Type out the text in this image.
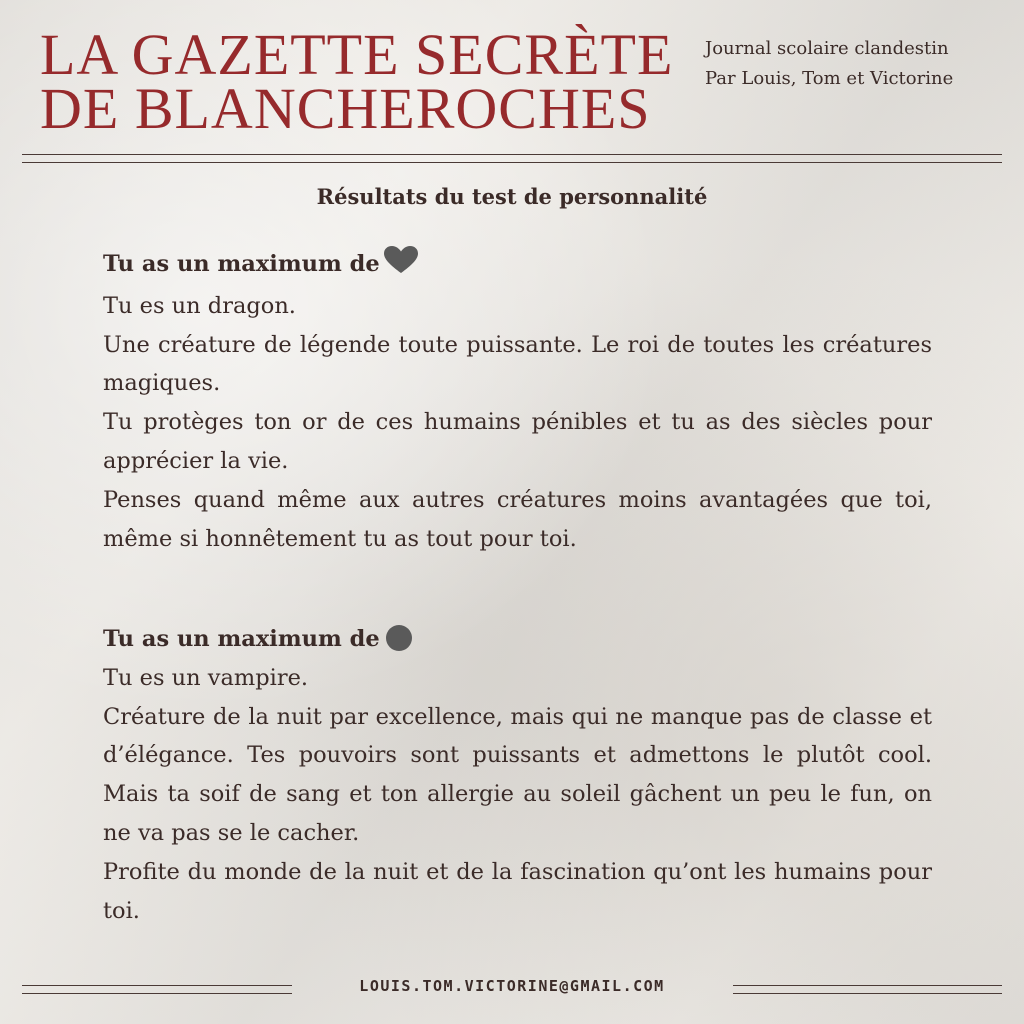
LA GAZETTE SECRÈTE
DE BLANCHEROCHES
Journal scolaire clandestin
Par Louis, Tom et Victorine
Résultats du test de personnalité
Tu as un maximum de

Tu es un dragon.

Une créature de légende toute puissante. Le roi de toutes les créatures magiques.

Tu protèges ton or de ces humains pénibles et tu as des siècles pour apprécier la vie.

Penses quand même aux autres créatures moins avantagées que toi, même si honnêtement tu as tout pour toi.

Tu as un maximum de

Tu es un vampire.

Créature de la nuit par excellence, mais qui ne manque pas de classe et d’élégance. Tes pouvoirs sont puissants et admettons le plutôt cool. Mais ta soif de sang et ton allergie au soleil gâchent un peu le fun, on ne va pas se le cacher.

Profite du monde de la nuit et de la fascination qu’ont les humains pour toi.

LOUIS.TOM.VICTORINE@GMAIL.COM
